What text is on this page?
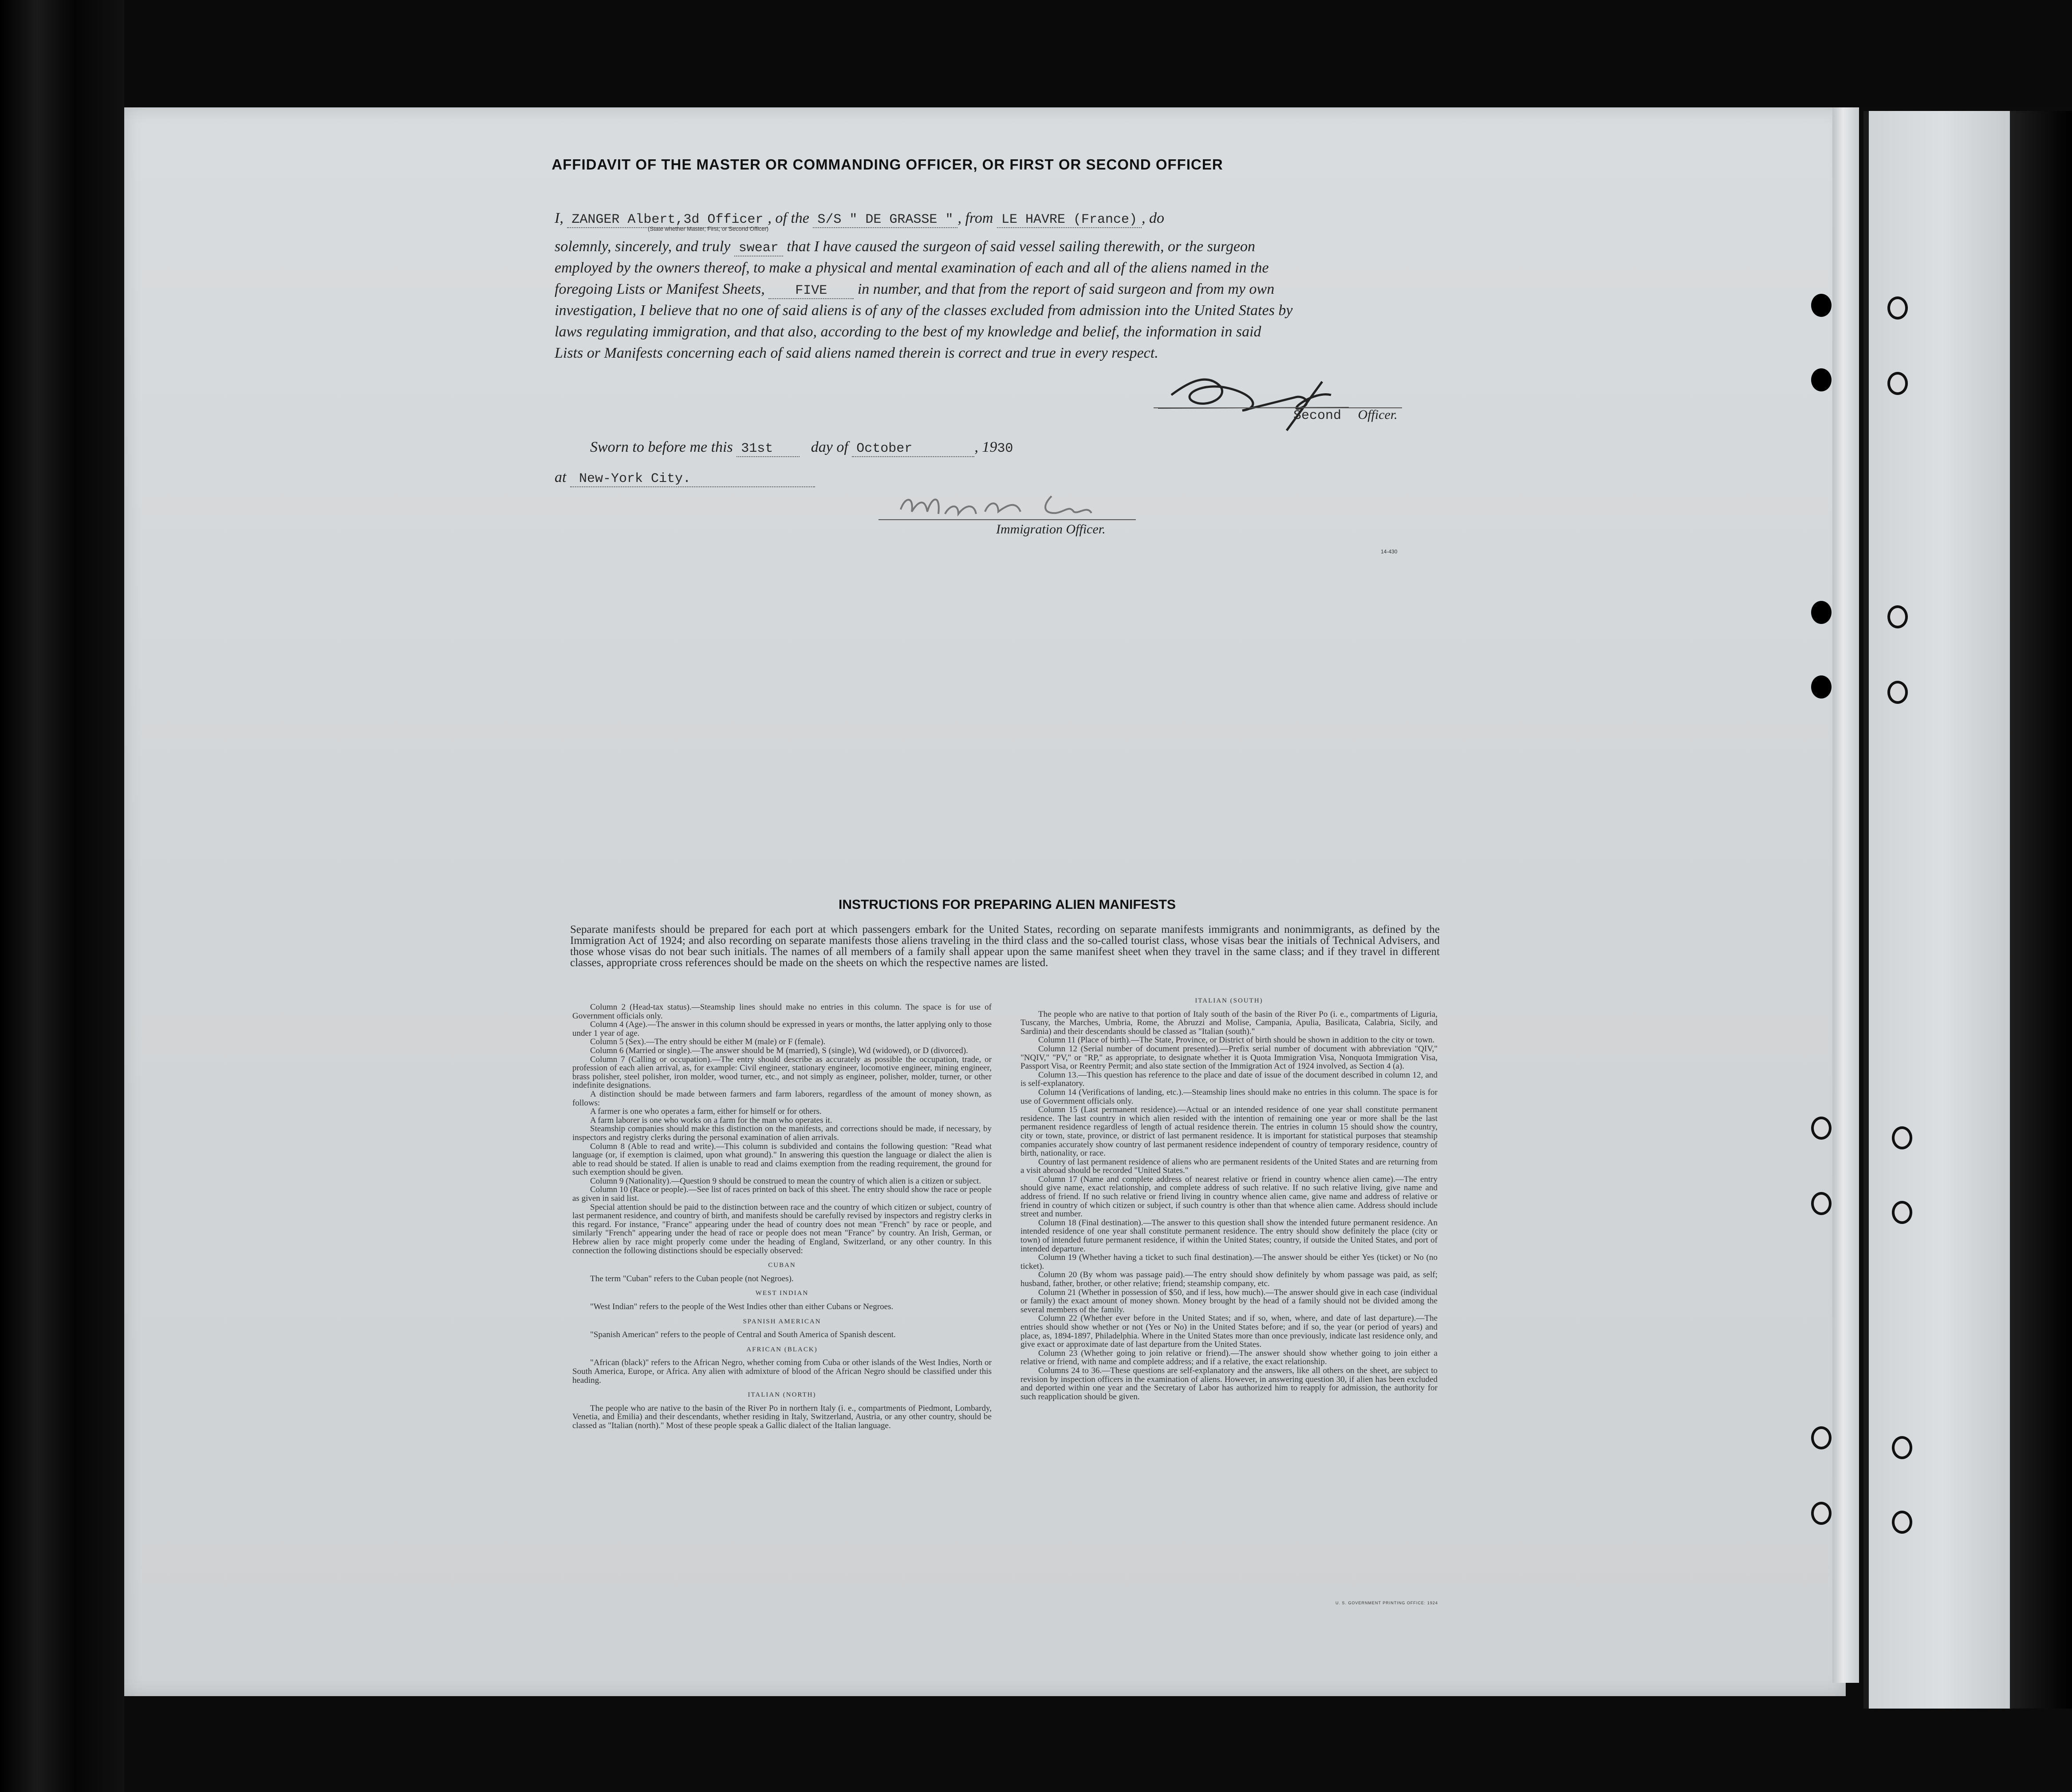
AFFIDAVIT OF THE MASTER OR COMMANDING OFFICER, OR FIRST OR SECOND OFFICER
I, ZANGER Albert,3d Officer , of the S/S " DE GRASSE " , from LE HAVRE (France) , do
(State whether Master, First, or Second Officer)
solemnly, sincerely, and truly swear that I have caused the surgeon of said vessel sailing therewith, or the surgeon
employed by the owners thereof, to make a physical and mental examination of each and all of the aliens named in the
foregoing Lists or Manifest Sheets, FIVE in number, and that from the report of said surgeon and from my own
investigation, I believe that no one of said aliens is of any of the classes excluded from admission into the United States by
laws regulating immigration, and that also, according to the best of my knowledge and belief, the information in said
Lists or Manifests concerning each of said aliens named therein is correct and true in every respect.
Second Officer.
Sworn to before me this 31st	day of October	, 1930
at New-York City.
Immigration Officer.
14-430
INSTRUCTIONS FOR PREPARING ALIEN MANIFESTS
Separate manifests should be prepared for each port at which passengers embark for the United States, recording on separate manifests immigrants and nonimmigrants, as defined by the Immigration Act of 1924; and also recording on separate manifests those aliens traveling in the third class and the so-called tourist class, whose visas bear the initials of Technical Advisers, and those whose visas do not bear such initials. The names of all members of a family shall appear upon the same manifest sheet when they travel in the same class; and if they travel in different classes, appropriate cross references should be made on the sheets on which the respective names are listed.

Column 2 (Head-tax status).—Steamship lines should make no entries in this column. The space is for use of Government officials only.

Column 4 (Age).—The answer in this column should be expressed in years or months, the latter applying only to those under 1 year of age.

Column 5 (Sex).—The entry should be either M (male) or F (female).

Column 6 (Married or single).—The answer should be M (married), S (single), Wd (widowed), or D (divorced).

Column 7 (Calling or occupation).—The entry should describe as accurately as possible the occupation, trade, or profession of each alien arrival, as, for example: Civil engineer, stationary engineer, locomotive engineer, mining engineer, brass polisher, steel polisher, iron molder, wood turner, etc., and not simply as engineer, polisher, molder, turner, or other indefinite designations.

A distinction should be made between farmers and farm laborers, regardless of the amount of money shown, as follows:

A farmer is one who operates a farm, either for himself or for others.

A farm laborer is one who works on a farm for the man who operates it.

Steamship companies should make this distinction on the manifests, and corrections should be made, if necessary, by inspectors and registry clerks during the personal examination of alien arrivals.

Column 8 (Able to read and write).—This column is subdivided and contains the following question: "Read what language (or, if exemption is claimed, upon what ground)." In answering this question the language or dialect the alien is able to read should be stated. If alien is unable to read and claims exemption from the reading requirement, the ground for such exemption should be given.

Column 9 (Nationality).—Question 9 should be construed to mean the country of which alien is a citizen or subject.

Column 10 (Race or people).—See list of races printed on back of this sheet. The entry should show the race or people as given in said list.

Special attention should be paid to the distinction between race and the country of which citizen or subject, country of last permanent residence, and country of birth, and manifests should be carefully revised by inspectors and registry clerks in this regard. For instance, "France" appearing under the head of country does not mean "French" by race or people, and similarly "French" appearing under the head of race or people does not mean "France" by country. An Irish, German, or Hebrew alien by race might properly come under the heading of England, Switzerland, or any other country. In this connection the following distinctions should be especially observed:

CUBAN

The term "Cuban" refers to the Cuban people (not Negroes).

WEST INDIAN

"West Indian" refers to the people of the West Indies other than either Cubans or Negroes.

SPANISH AMERICAN

"Spanish American" refers to the people of Central and South America of Spanish descent.

AFRICAN (BLACK)

"African (black)" refers to the African Negro, whether coming from Cuba or other islands of the West Indies, North or South America, Europe, or Africa. Any alien with admixture of blood of the African Negro should be classified under this heading.

ITALIAN (NORTH)

The people who are native to the basin of the River Po in northern Italy (i. e., compartments of Piedmont, Lombardy, Venetia, and Emilia) and their descendants, whether residing in Italy, Switzerland, Austria, or any other country, should be classed as "Italian (north)." Most of these people speak a Gallic dialect of the Italian language.

ITALIAN (SOUTH)

The people who are native to that portion of Italy south of the basin of the River Po (i. e., compartments of Liguria, Tuscany, the Marches, Umbria, Rome, the Abruzzi and Molise, Campania, Apulia, Basilicata, Calabria, Sicily, and Sardinia) and their descendants should be classed as "Italian (south)."

Column 11 (Place of birth).—The State, Province, or District of birth should be shown in addition to the city or town.

Column 12 (Serial number of document presented).—Prefix serial number of document with abbreviation "QIV," "NQIV," "PV," or "RP," as appropriate, to designate whether it is Quota Immigration Visa, Nonquota Immigration Visa, Passport Visa, or Reentry Permit; and also state section of the Immigration Act of 1924 involved, as Section 4 (a).

Column 13.—This question has reference to the place and date of issue of the document described in column 12, and is self-explanatory.

Column 14 (Verifications of landing, etc.).—Steamship lines should make no entries in this column. The space is for use of Government officials only.

Column 15 (Last permanent residence).—Actual or an intended residence of one year shall constitute permanent residence. The last country in which alien resided with the intention of remaining one year or more shall be the last permanent residence regardless of length of actual residence therein. The entries in column 15 should show the country, city or town, state, province, or district of last permanent residence. It is important for statistical purposes that steamship companies accurately show country of last permanent residence independent of country of temporary residence, country of birth, nationality, or race.

Country of last permanent residence of aliens who are permanent residents of the United States and are returning from a visit abroad should be recorded "United States."

Column 17 (Name and complete address of nearest relative or friend in country whence alien came).—The entry should give name, exact relationship, and complete address of such relative. If no such relative living, give name and address of friend. If no such relative or friend living in country whence alien came, give name and address of relative or friend in country of which citizen or subject, if such country is other than that whence alien came. Address should include street and number.

Column 18 (Final destination).—The answer to this question shall show the intended future permanent residence. An intended residence of one year shall constitute permanent residence. The entry should show definitely the place (city or town) of intended future permanent residence, if within the United States; country, if outside the United States, and port of intended departure.

Column 19 (Whether having a ticket to such final destination).—The answer should be either Yes (ticket) or No (no ticket).

Column 20 (By whom was passage paid).—The entry should show definitely by whom passage was paid, as self; husband, father, brother, or other relative; friend; steamship company, etc.

Column 21 (Whether in possession of $50, and if less, how much).—The answer should give in each case (individual or family) the exact amount of money shown. Money brought by the head of a family should not be divided among the several members of the family.

Column 22 (Whether ever before in the United States; and if so, when, where, and date of last departure).—The entries should show whether or not (Yes or No) in the United States before; and if so, the year (or period of years) and place, as, 1894-1897, Philadelphia. Where in the United States more than once previously, indicate last residence only, and give exact or approximate date of last departure from the United States.

Column 23 (Whether going to join relative or friend).—The answer should show whether going to join either a relative or friend, with name and complete address; and if a relative, the exact relationship.

Columns 24 to 36.—These questions are self-explanatory and the answers, like all others on the sheet, are subject to revision by inspection officers in the examination of aliens. However, in answering question 30, if alien has been excluded and deported within one year and the Secretary of Labor has authorized him to reapply for admission, the authority for such reapplication should be given.

U. S. GOVERNMENT PRINTING OFFICE: 1924
